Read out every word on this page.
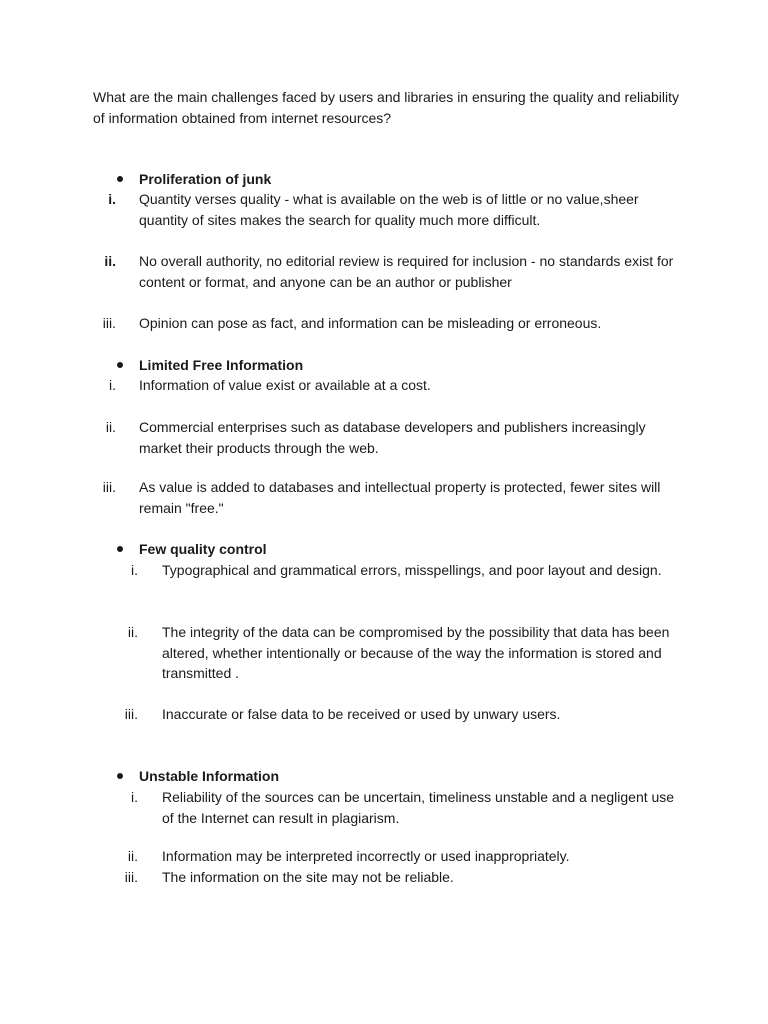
What are the main challenges faced by users and libraries in ensuring the quality and reliability of information obtained from internet resources?

Proliferation of junk

i. Quantity verses quality - what is available on the web is of little or no value,sheer quantity of sites makes the search for quality much more difficult.

ii. No overall authority, no editorial review is required for inclusion - no standards exist for content or format, and anyone can be an author or publisher

iii. Opinion can pose as fact, and information can be misleading or erroneous.

Limited Free Information

i. Information of value exist or available at a cost.

ii. Commercial enterprises such as database developers and publishers increasingly market their products through the web.

iii. As value is added to databases and intellectual property is protected, fewer sites will remain "free."

Few quality control

i. Typographical and grammatical errors, misspellings, and poor layout and design.

ii. The integrity of the data can be compromised by the possibility that data has been altered, whether intentionally or because of the way the information is stored and transmitted .

iii. Inaccurate or false data to be received or used by unwary users.

Unstable Information

i. Reliability of the sources can be uncertain, timeliness unstable and a negligent use of the Internet can result in plagiarism.

ii. Information may be interpreted incorrectly or used inappropriately.

iii. The information on the site may not be reliable.
